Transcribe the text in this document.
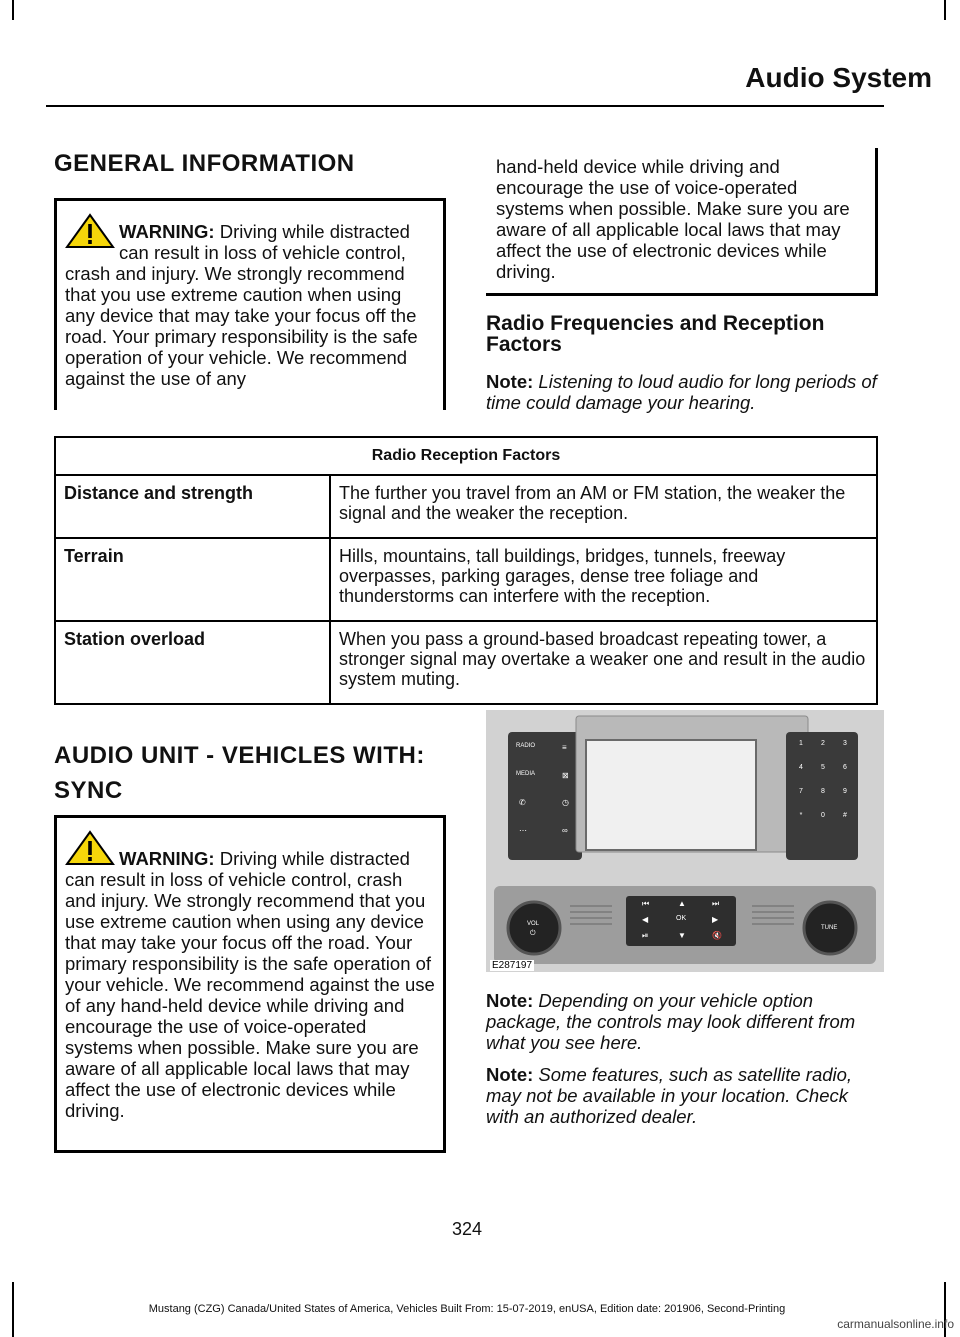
Audio System
GENERAL INFORMATION
WARNING: Driving while distracted can result in loss of vehicle control, crash and injury. We strongly recommend that you use extreme caution when using any device that may take your focus off the road. Your primary responsibility is the safe operation of your vehicle. We recommend against the use of any
hand-held device while driving and encourage the use of voice-operated systems when possible. Make sure you are aware of all applicable local laws that may affect the use of electronic devices while driving.
Radio Frequencies and Reception Factors

Note: Listening to loud audio for long periods of time could damage your hearing.

Radio Reception Factors	
Distance and strength	The further you travel from an AM or FM station, the weaker the signal and the weaker the reception.
Terrain	Hills, mountains, tall buildings, bridges, tunnels, freeway overpasses, parking garages, dense tree foliage and thunderstorms can interfere with the reception.
Station overload	When you pass a ground-based broadcast repeating tower, a stronger signal may overtake a weaker one and result in the audio system muting.
AUDIO UNIT - VEHICLES WITH:
SYNC
WARNING: Driving while distracted can result in loss of vehicle control, crash and injury. We strongly recommend that you use extreme caution when using any device that may take your focus off the road. Your primary responsibility is the safe operation of your vehicle. We recommend against the use of any hand-held device while driving and encourage the use of voice-operated systems when possible. Make sure you are aware of all applicable local laws that may affect the use of electronic devices while driving.
RADIO
MEDIA
✆
⋯
≡
⊠
◷
∞
1	2	3
4	5	6
7	8	9
*	0	#
⏮	▲	⏭
◀	OK	▶
⏯	▼	🔇
VOL
⏻
TUNE
E287197

Note: Depending on your vehicle option package, the controls may look different from what you see here.

Note: Some features, such as satellite radio, may not be available in your location. Check with an authorized dealer.

324
Mustang (CZG) Canada/United States of America, Vehicles Built From: 15-07-2019, enUSA, Edition date: 201906, Second-Printing
carmanualsonline.info
